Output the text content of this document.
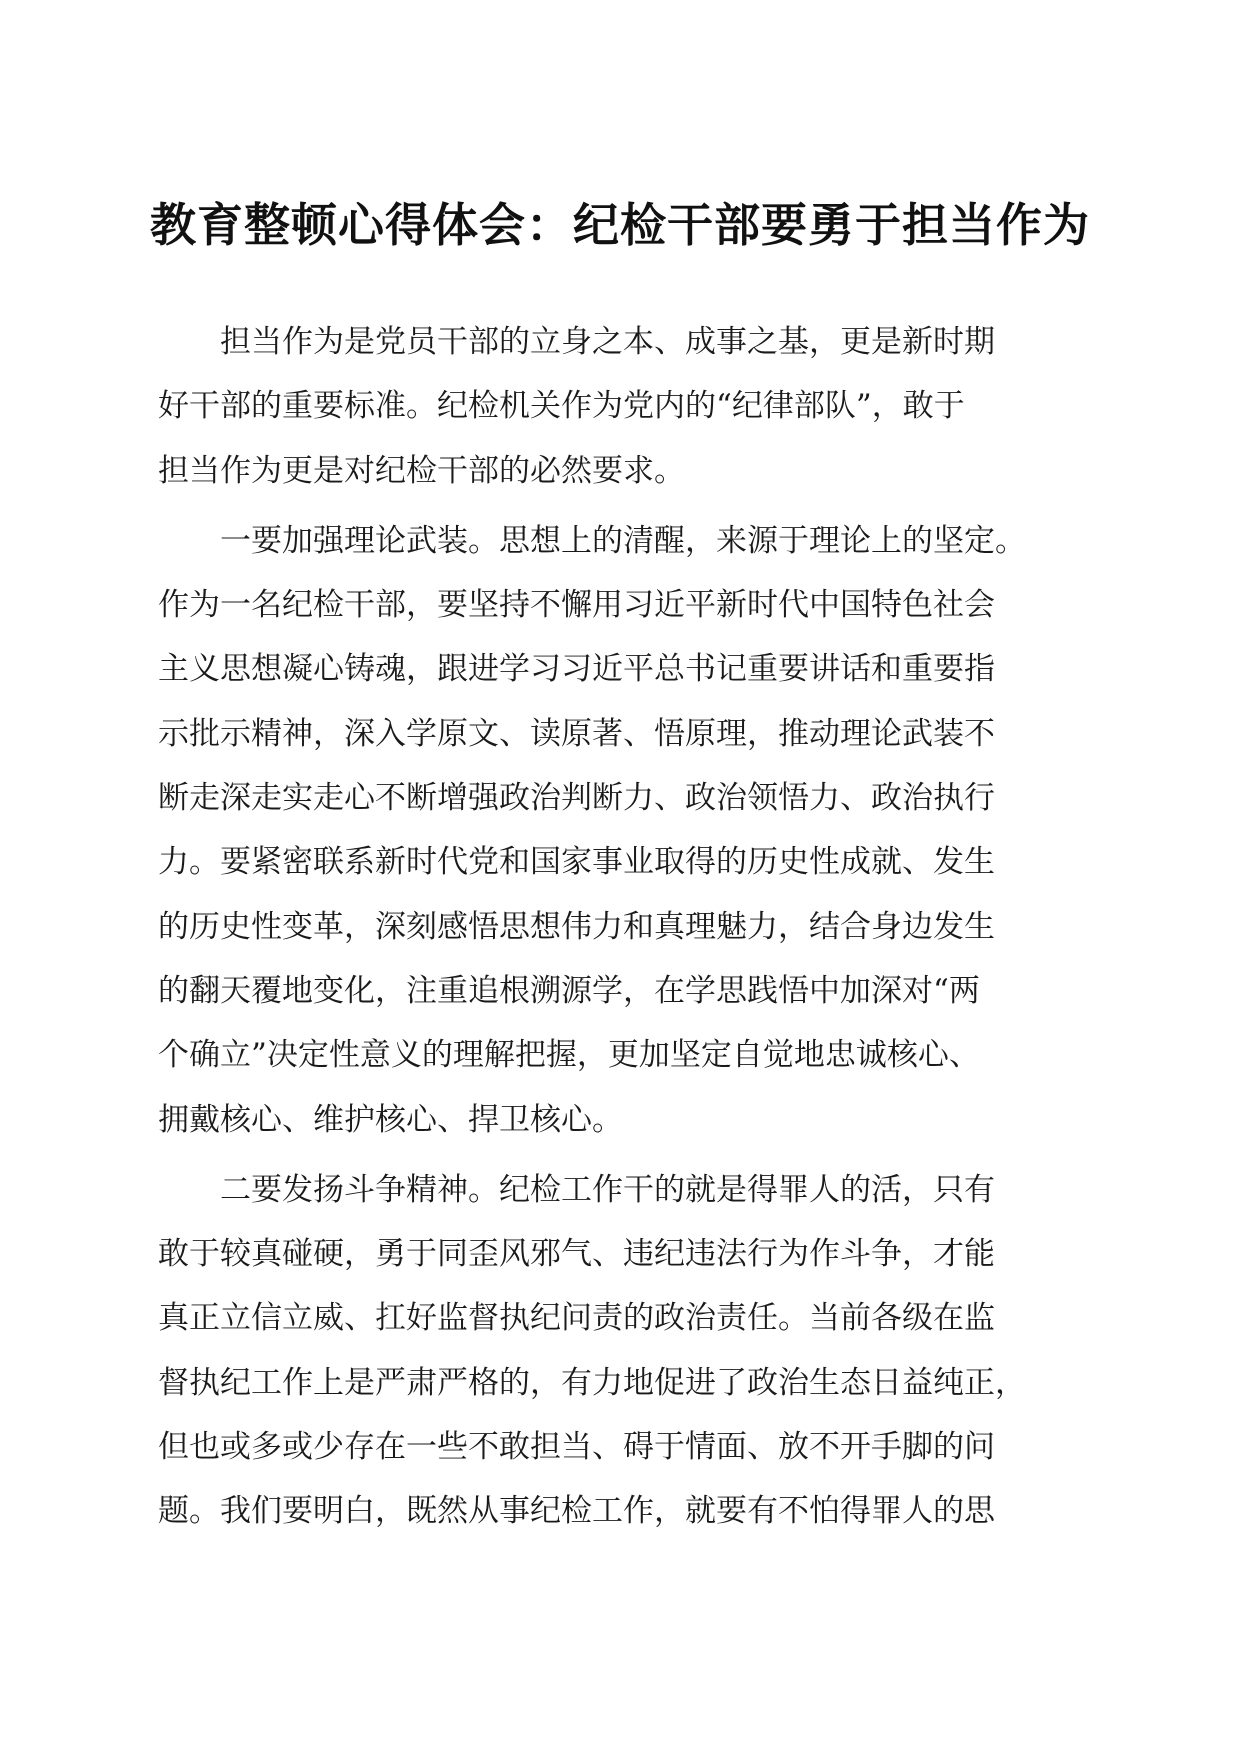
教育整顿心得体会：纪检干部要勇于担当作为
　　担当作为是党员干部的立身之本、成事之基，更是新时期
好干部的重要标准。纪检机关作为党内的“纪律部队”，敢于
担当作为更是对纪检干部的必然要求。
　　一要加强理论武装。思想上的清醒，来源于理论上的坚定。
作为一名纪检干部，要坚持不懈用习近平新时代中国特色社会
主义思想凝心铸魂，跟进学习习近平总书记重要讲话和重要指
示批示精神，深入学原文、读原著、悟原理，推动理论武装不
断走深走实走心不断增强政治判断力、政治领悟力、政治执行
力。要紧密联系新时代党和国家事业取得的历史性成就、发生
的历史性变革，深刻感悟思想伟力和真理魅力，结合身边发生
的翻天覆地变化，注重追根溯源学，在学思践悟中加深对“两
个确立”决定性意义的理解把握，更加坚定自觉地忠诚核心、
拥戴核心、维护核心、捍卫核心。
　　二要发扬斗争精神。纪检工作干的就是得罪人的活，只有
敢于较真碰硬，勇于同歪风邪气、违纪违法行为作斗争，才能
真正立信立威、扛好监督执纪问责的政治责任。当前各级在监
督执纪工作上是严肃严格的，有力地促进了政治生态日益纯正，
但也或多或少存在一些不敢担当、碍于情面、放不开手脚的问
题。我们要明白，既然从事纪检工作，就要有不怕得罪人的思
